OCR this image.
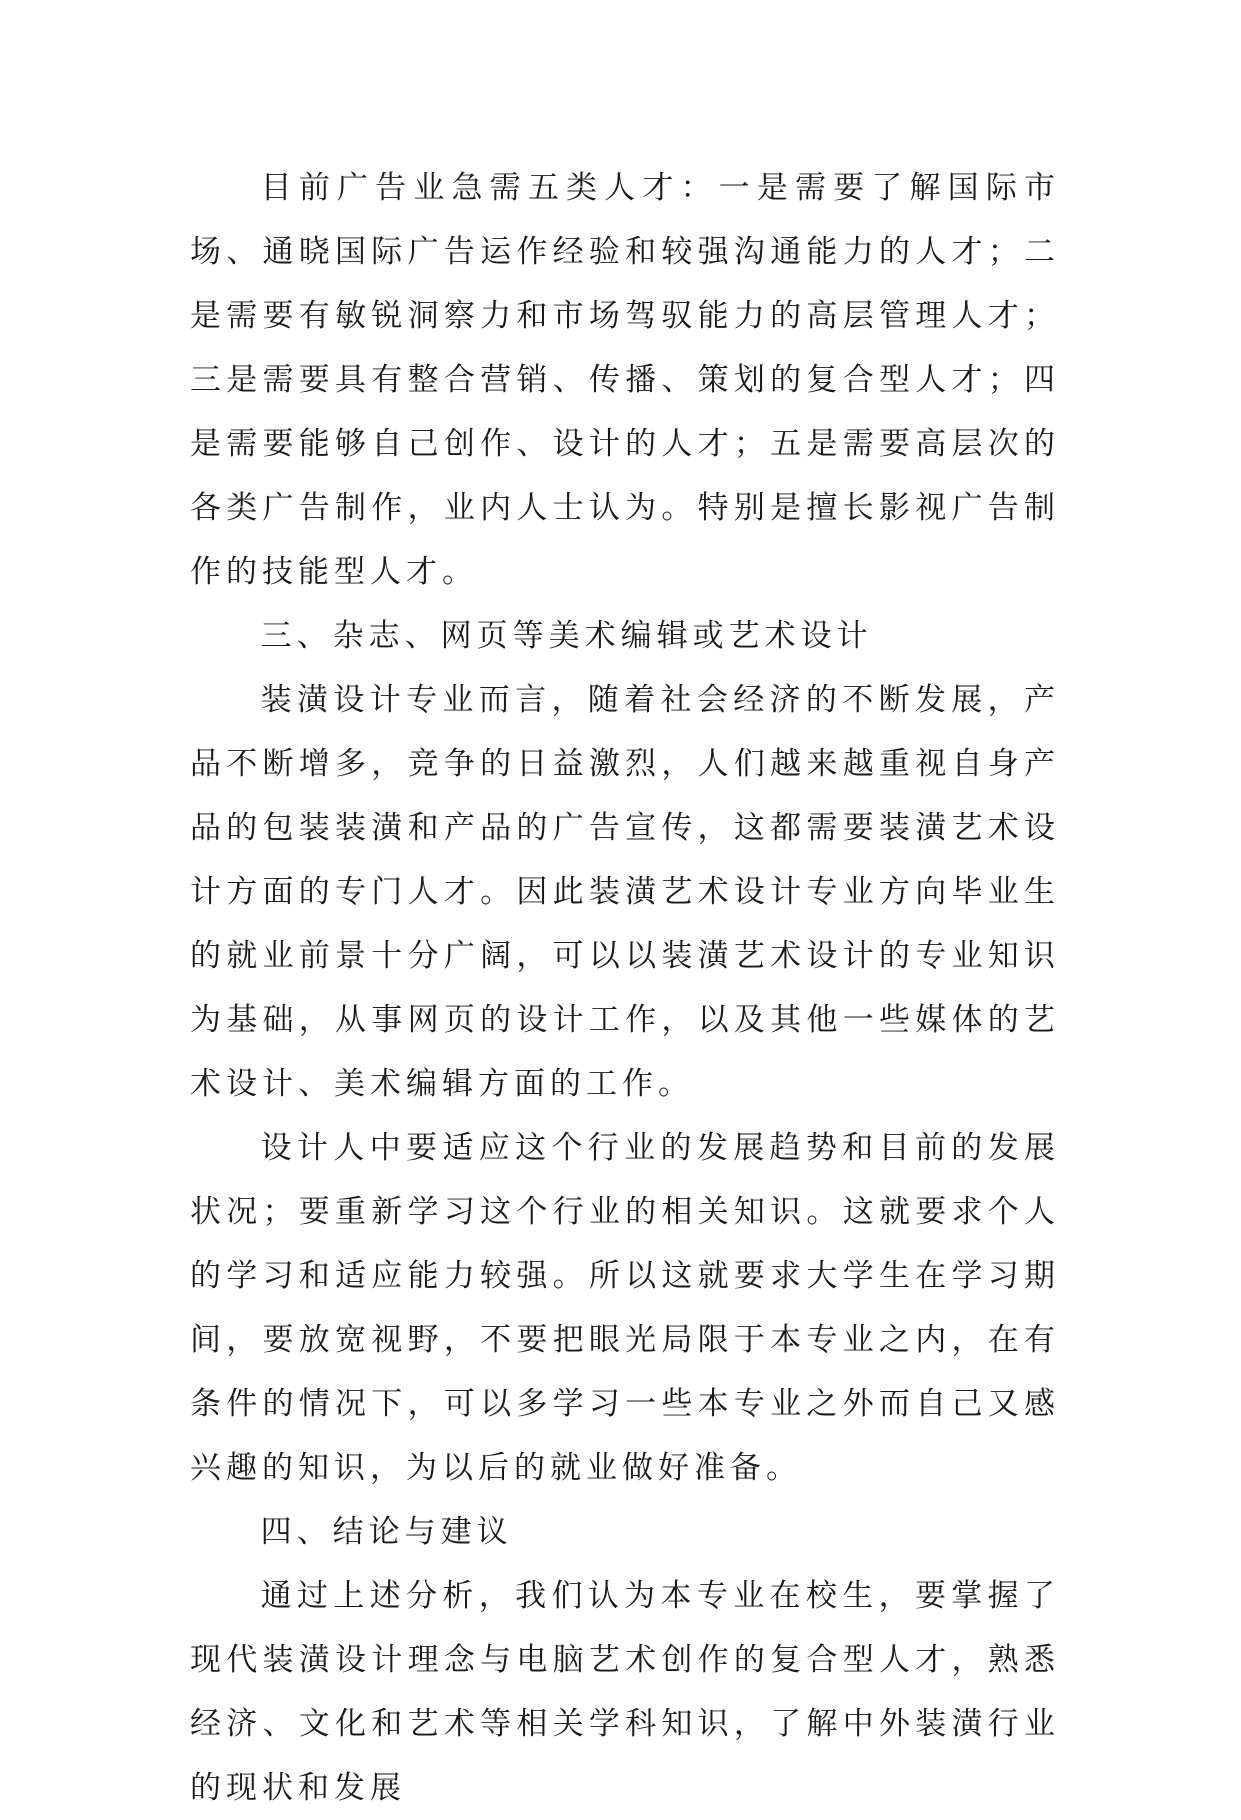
目前广告业急需五类人才：一是需要了解国际市场、通晓国际广告运作经验和较强沟通能力的人才；二是需要有敏锐洞察力和市场驾驭能力的高层管理人才；三是需要具有整合营销、传播、策划的复合型人才；四是需要能够自己创作、设计的人才；五是需要高层次的各类广告制作，业内人士认为。特别是擅长影视广告制作的技能型人才。

三、杂志、网页等美术编辑或艺术设计

装潢设计专业而言，随着社会经济的不断发展，产品不断增多，竞争的日益激烈，人们越来越重视自身产品的包装装潢和产品的广告宣传，这都需要装潢艺术设计方面的专门人才。因此装潢艺术设计专业方向毕业生的就业前景十分广阔，可以以装潢艺术设计的专业知识为基础，从事网页的设计工作，以及其他一些媒体的艺术设计、美术编辑方面的工作。

设计人中要适应这个行业的发展趋势和目前的发展状况；要重新学习这个行业的相关知识。这就要求个人的学习和适应能力较强。所以这就要求大学生在学习期间，要放宽视野，不要把眼光局限于本专业之内，在有条件的情况下，可以多学习一些本专业之外而自己又感兴趣的知识，为以后的就业做好准备。

四、结论与建议

通过上述分析，我们认为本专业在校生，要掌握了现代装潢设计理念与电脑艺术创作的复合型人才，熟悉经济、文化和艺术等相关学科知识，了解中外装潢行业的现状和发展
